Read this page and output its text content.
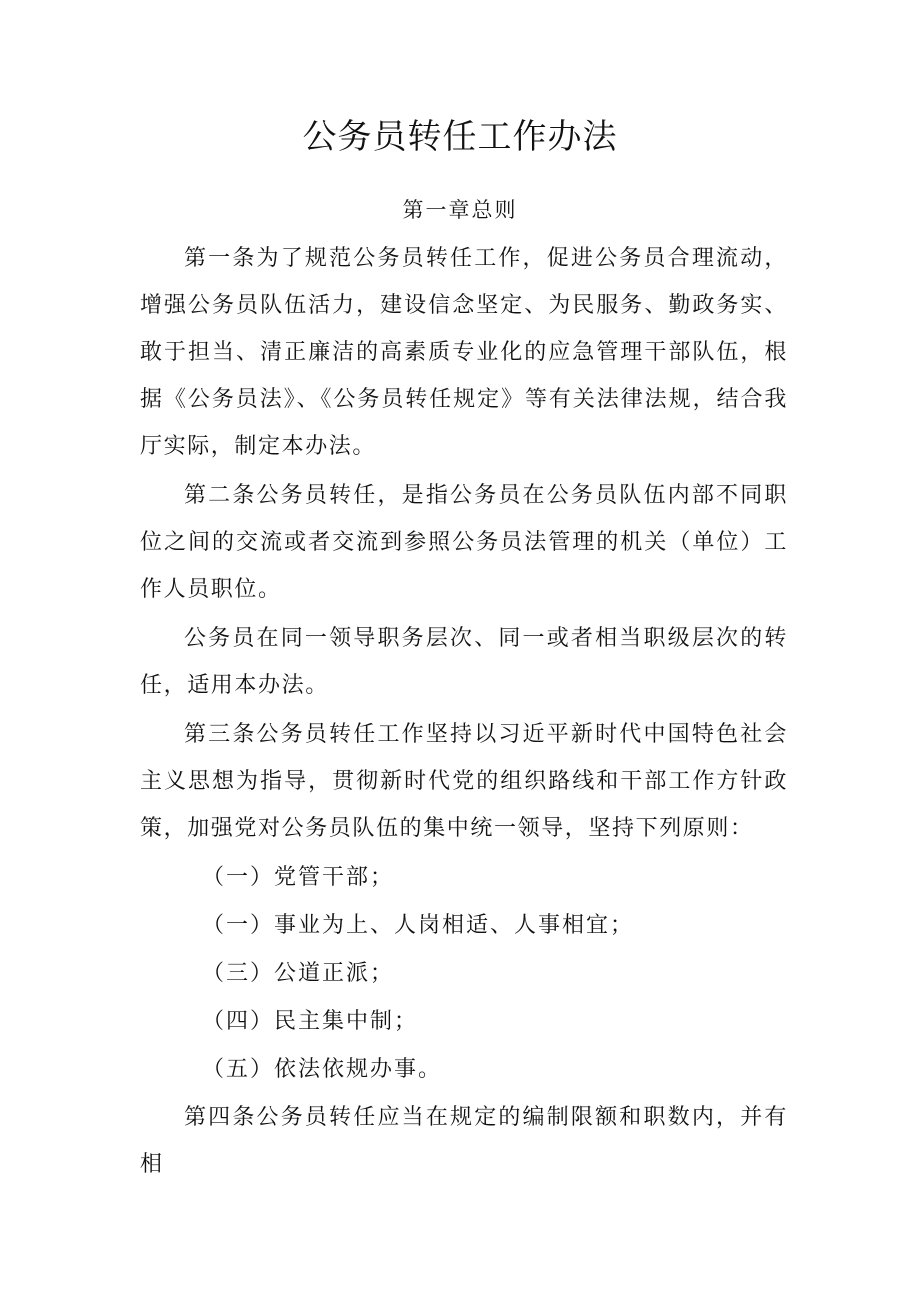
公务员转任工作办法
第一章总则

第一条为了规范公务员转任工作，促进公务员合理流动，增强公务员队伍活力，建设信念坚定、为民服务、勤政务实、敢于担当、清正廉洁的高素质专业化的应急管理干部队伍，根据《公务员法》、《公务员转任规定》等有关法律法规，结合我厅实际，制定本办法。

第二条公务员转任，是指公务员在公务员队伍内部不同职位之间的交流或者交流到参照公务员法管理的机关（单位）工作人员职位。

公务员在同一领导职务层次、同一或者相当职级层次的转任，适用本办法。

第三条公务员转任工作坚持以习近平新时代中国特色社会主义思想为指导，贯彻新时代党的组织路线和干部工作方针政策，加强党对公务员队伍的集中统一领导，坚持下列原则：

（一）党管干部；
（一）事业为上、人岗相适、人事相宜；
（三）公道正派；
（四）民主集中制；
（五）依法依规办事。

第四条公务员转任应当在规定的编制限额和职数内，并有相
